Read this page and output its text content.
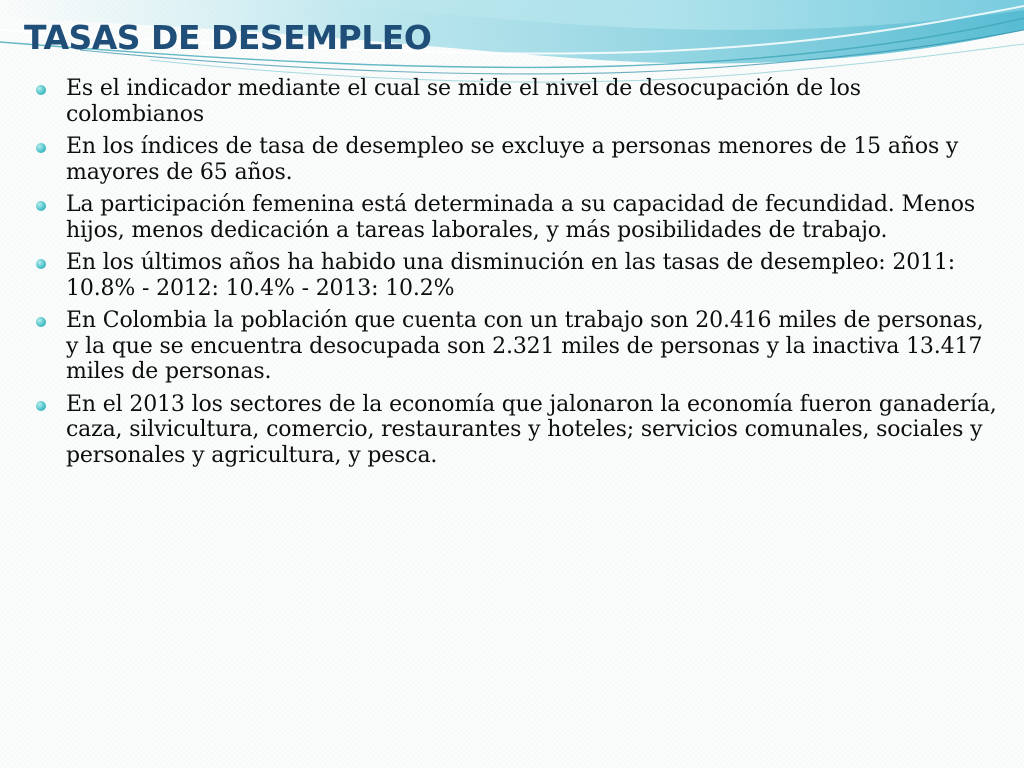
TASAS DE DESEMPLEO
Es el indicador mediante el cual se mide el nivel de desocupación de los colombianos
En los índices de tasa de desempleo se excluye a personas menores de 15 años y mayores de 65 años.
La participación femenina está determinada a su capacidad de fecundidad. Menos hijos, menos dedicación a tareas laborales, y más posibilidades de trabajo.
En los últimos años ha habido una disminución en las tasas de desempleo: 2011: 10.8% - 2012: 10.4% - 2013: 10.2%
En Colombia la población que cuenta con un trabajo son 20.416 miles de personas, y la que se encuentra desocupada son 2.321 miles de personas y la inactiva 13.417 miles de personas.
En el 2013 los sectores de la economía que jalonaron la economía fueron ganadería, caza, silvicultura, comercio, restaurantes y hoteles; servicios comunales, sociales y personales y agricultura, y pesca.
